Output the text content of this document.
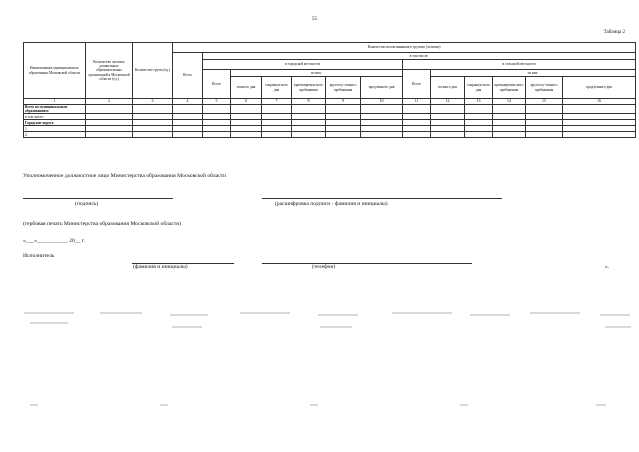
55
Таблица 2
Наименование муниципального образования Московской области	Количество частных дошкольных образовательных организаций в Московской области (ед.)	Количество групп (ед.)	Количество воспитанников в группах (человек)												
			Всего	в том числе:											
				в городской местности						в сельской местности					
				Всего	из них:					Всего	из них:				
					полного дня	сокращен-ного дня	кратковремен-ного пребывания	круглосу-точного пребывания	продленного дня		полного дня	сокращен-ного дня	кратковремен-ного пребывания	круглосу-точного пребывания	продленного дня
1	2	3	4	5	6	7	8	9	10	11	12	13	14	15	16
Всего по муниципальным образованиям:															
в том числе:															
Городские округа															
1.															
2.															
Уполномоченное должностное лицо Министерства образования Московской области
(подпись)	(расшифровка подписи - фамилия и инициалы)
(гербовая печать Министерства образования Московской области)
«___»___________ 20__ г.
Исполнитель
(фамилия и инициалы)	(телефон)	».
